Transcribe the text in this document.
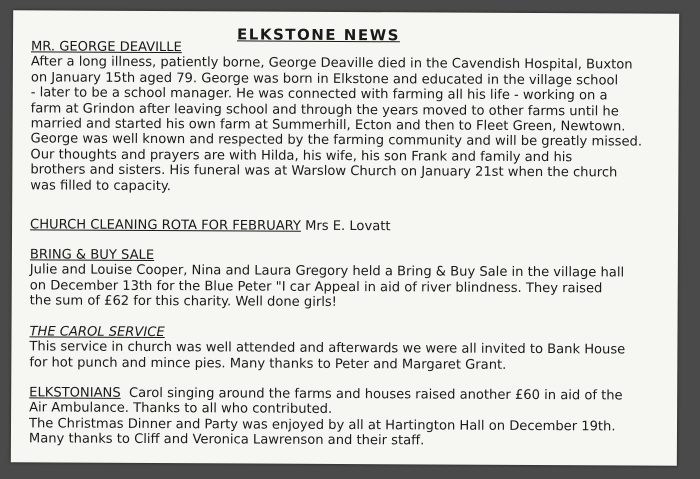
ELKSTONE NEWS
MR. GEORGE DEAVILLE
After a long illness, patiently borne, George Deaville died in the Cavendish Hospital, Buxton
on January 15th aged 79. George was born in Elkstone and educated in the village school
- later to be a school manager. He was connected with farming all his life - working on a
farm at Grindon after leaving school and through the years moved to other farms until he
married and started his own farm at Summerhill, Ecton and then to Fleet Green, Newtown.
George was well known and respected by the farming community and will be greatly missed.
Our thoughts and prayers are with Hilda, his wife, his son Frank and family and his
brothers and sisters. His funeral was at Warslow Church on January 21st when the church
was filled to capacity.
CHURCH CLEANING ROTA FOR FEBRUARY Mrs E. Lovatt
BRING & BUY SALE
Julie and Louise Cooper, Nina and Laura Gregory held a Bring & Buy Sale in the village hall
on December 13th for the Blue Peter "I car Appeal in aid of river blindness. They raised
the sum of £62 for this charity. Well done girls!
THE CAROL SERVICE
This service in church was well attended and afterwards we were all invited to Bank House
for hot punch and mince pies. Many thanks to Peter and Margaret Grant.
ELKSTONIANS Carol singing around the farms and houses raised another £60 in aid of the
Air Ambulance. Thanks to all who contributed.
The Christmas Dinner and Party was enjoyed by all at Hartington Hall on December 19th.
Many thanks to Cliff and Veronica Lawrenson and their staff.
